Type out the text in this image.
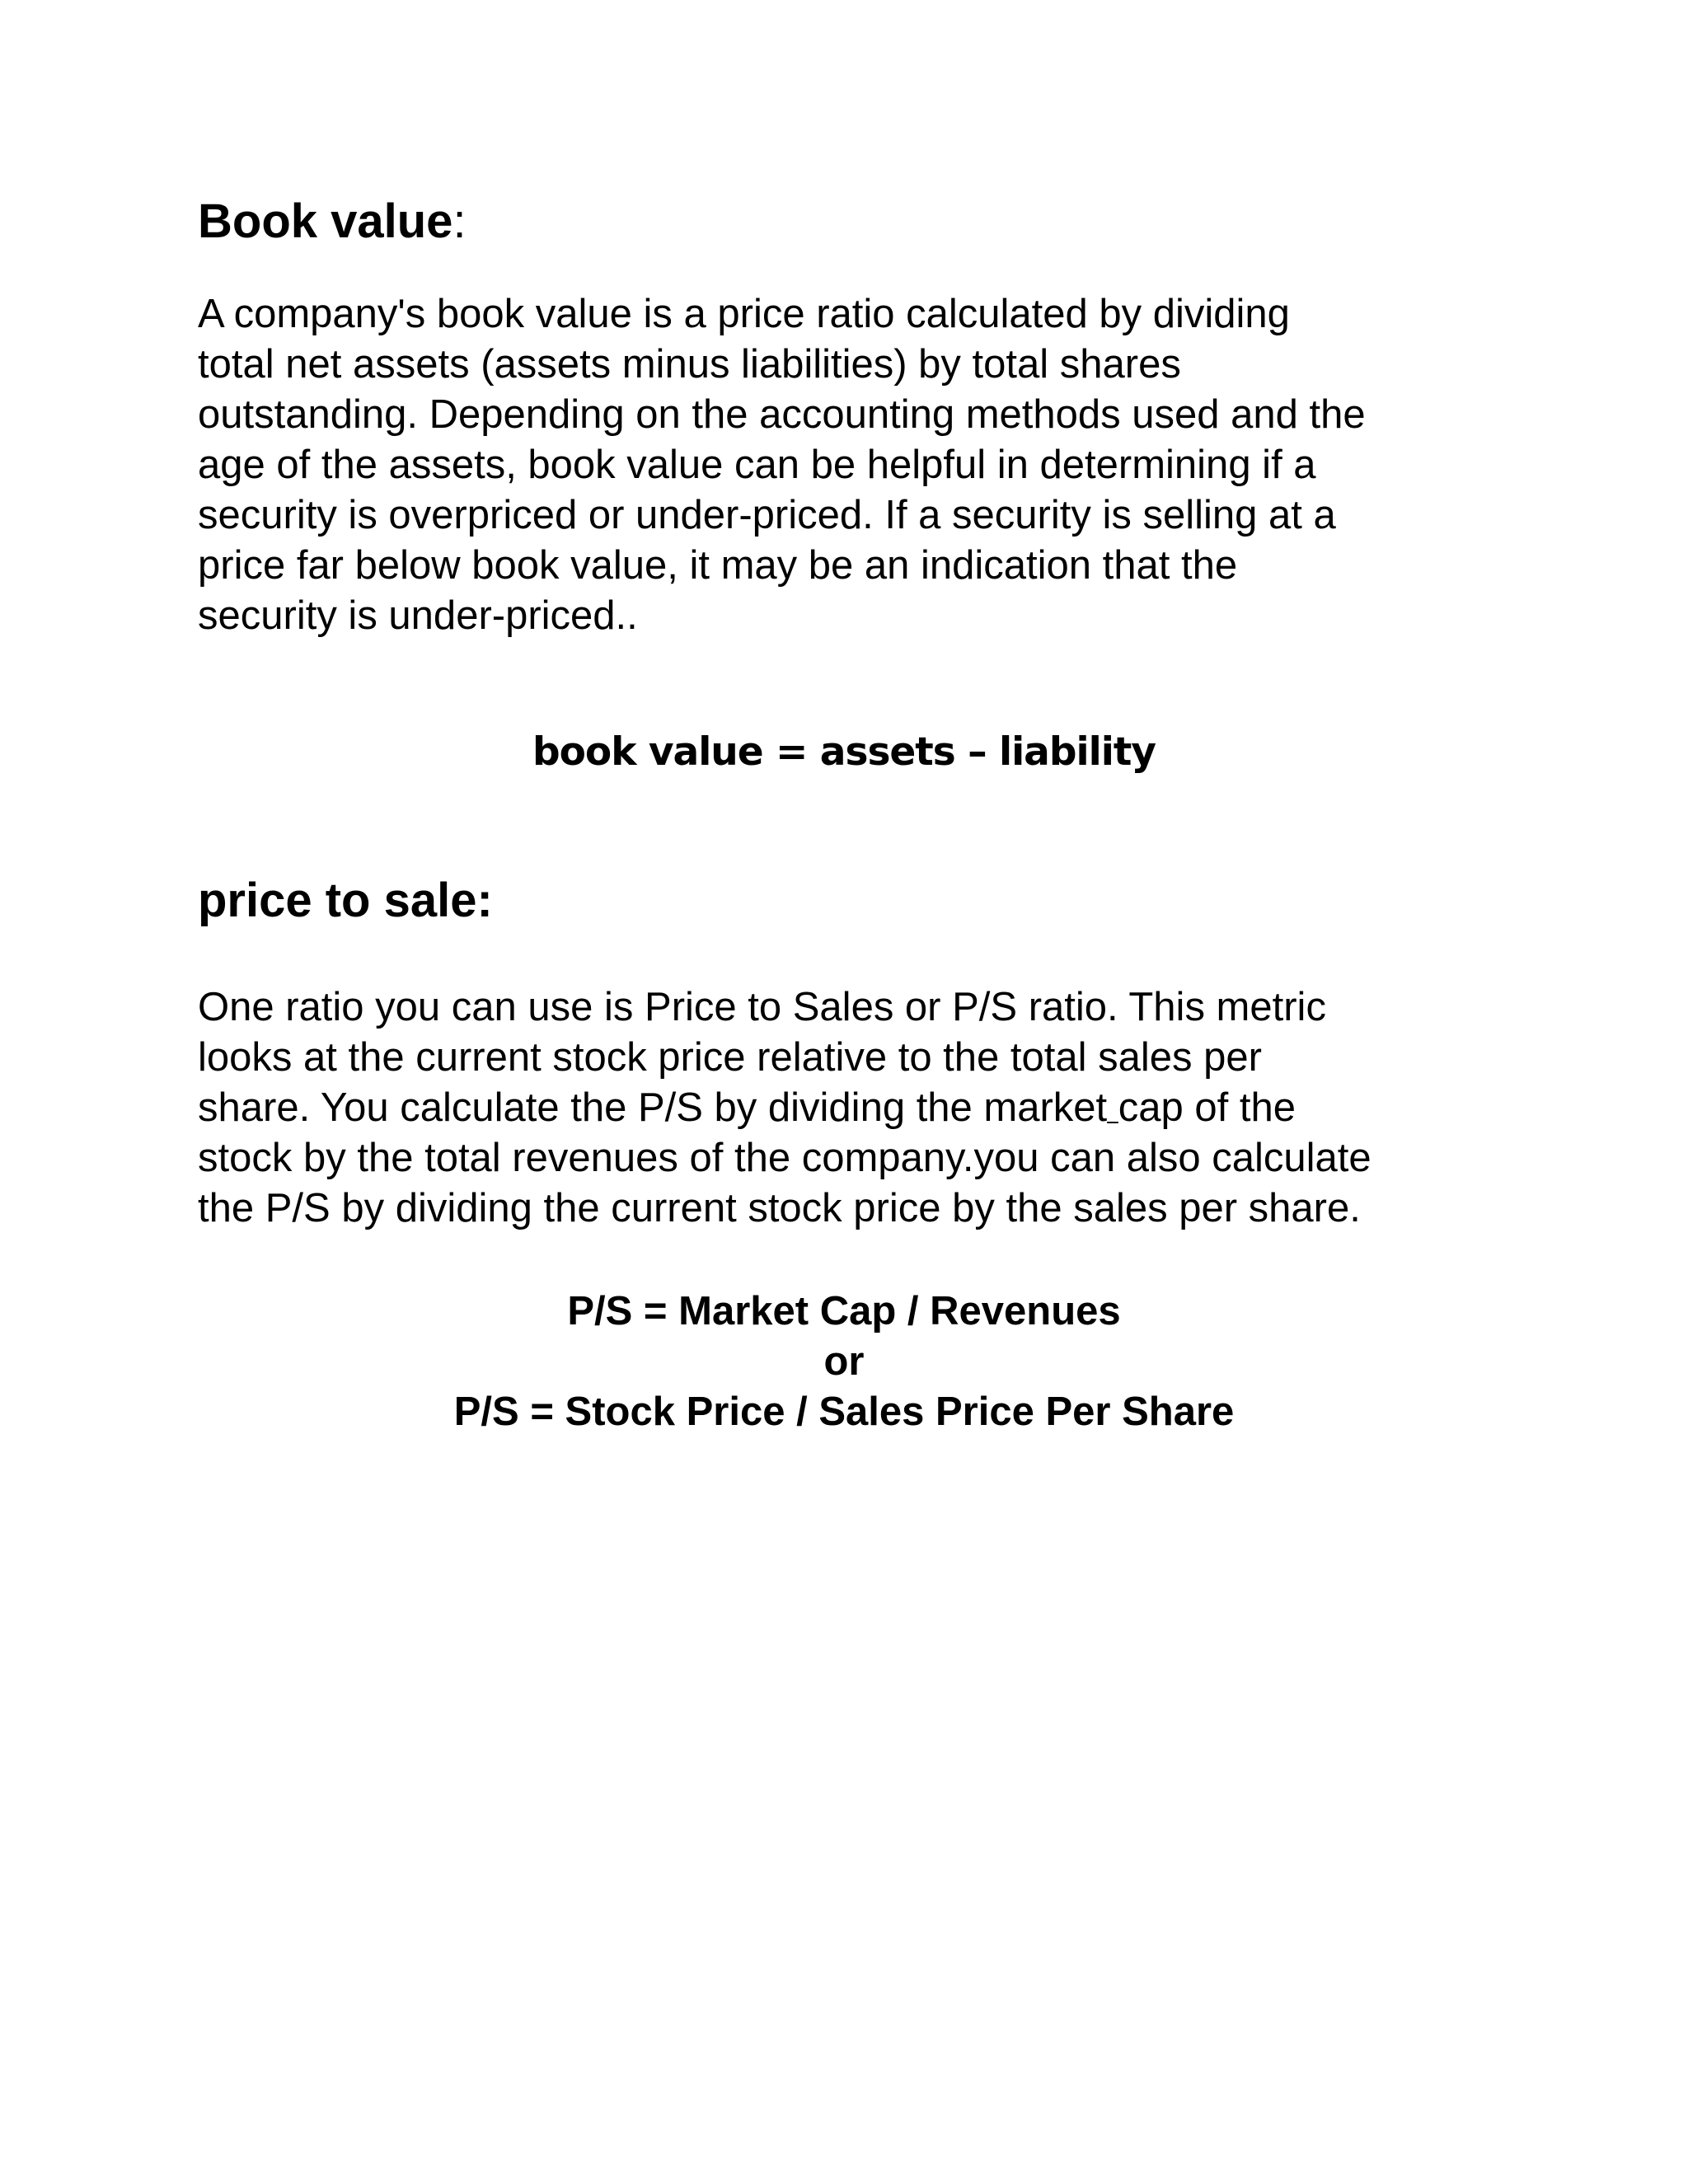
Book value:

A company's book value is a price ratio calculated by dividing
total net assets (assets minus liabilities) by total shares
outstanding. Depending on the accounting methods used and the
age of the assets, book value can be helpful in determining if a
security is overpriced or under-priced. If a security is selling at a
price far below book value, it may be an indication that the
security is under-priced..

book value = assets – liability

price to sale:

One ratio you can use is Price to Sales or P/S ratio. This metric
looks at the current stock price relative to the total sales per
share. You calculate the P/S by dividing the market cap of the
stock by the total revenues of the company.you can also calculate
the P/S by dividing the current stock price by the sales per share.

P/S = Market Cap / Revenues

or

P/S = Stock Price / Sales Price Per Share
